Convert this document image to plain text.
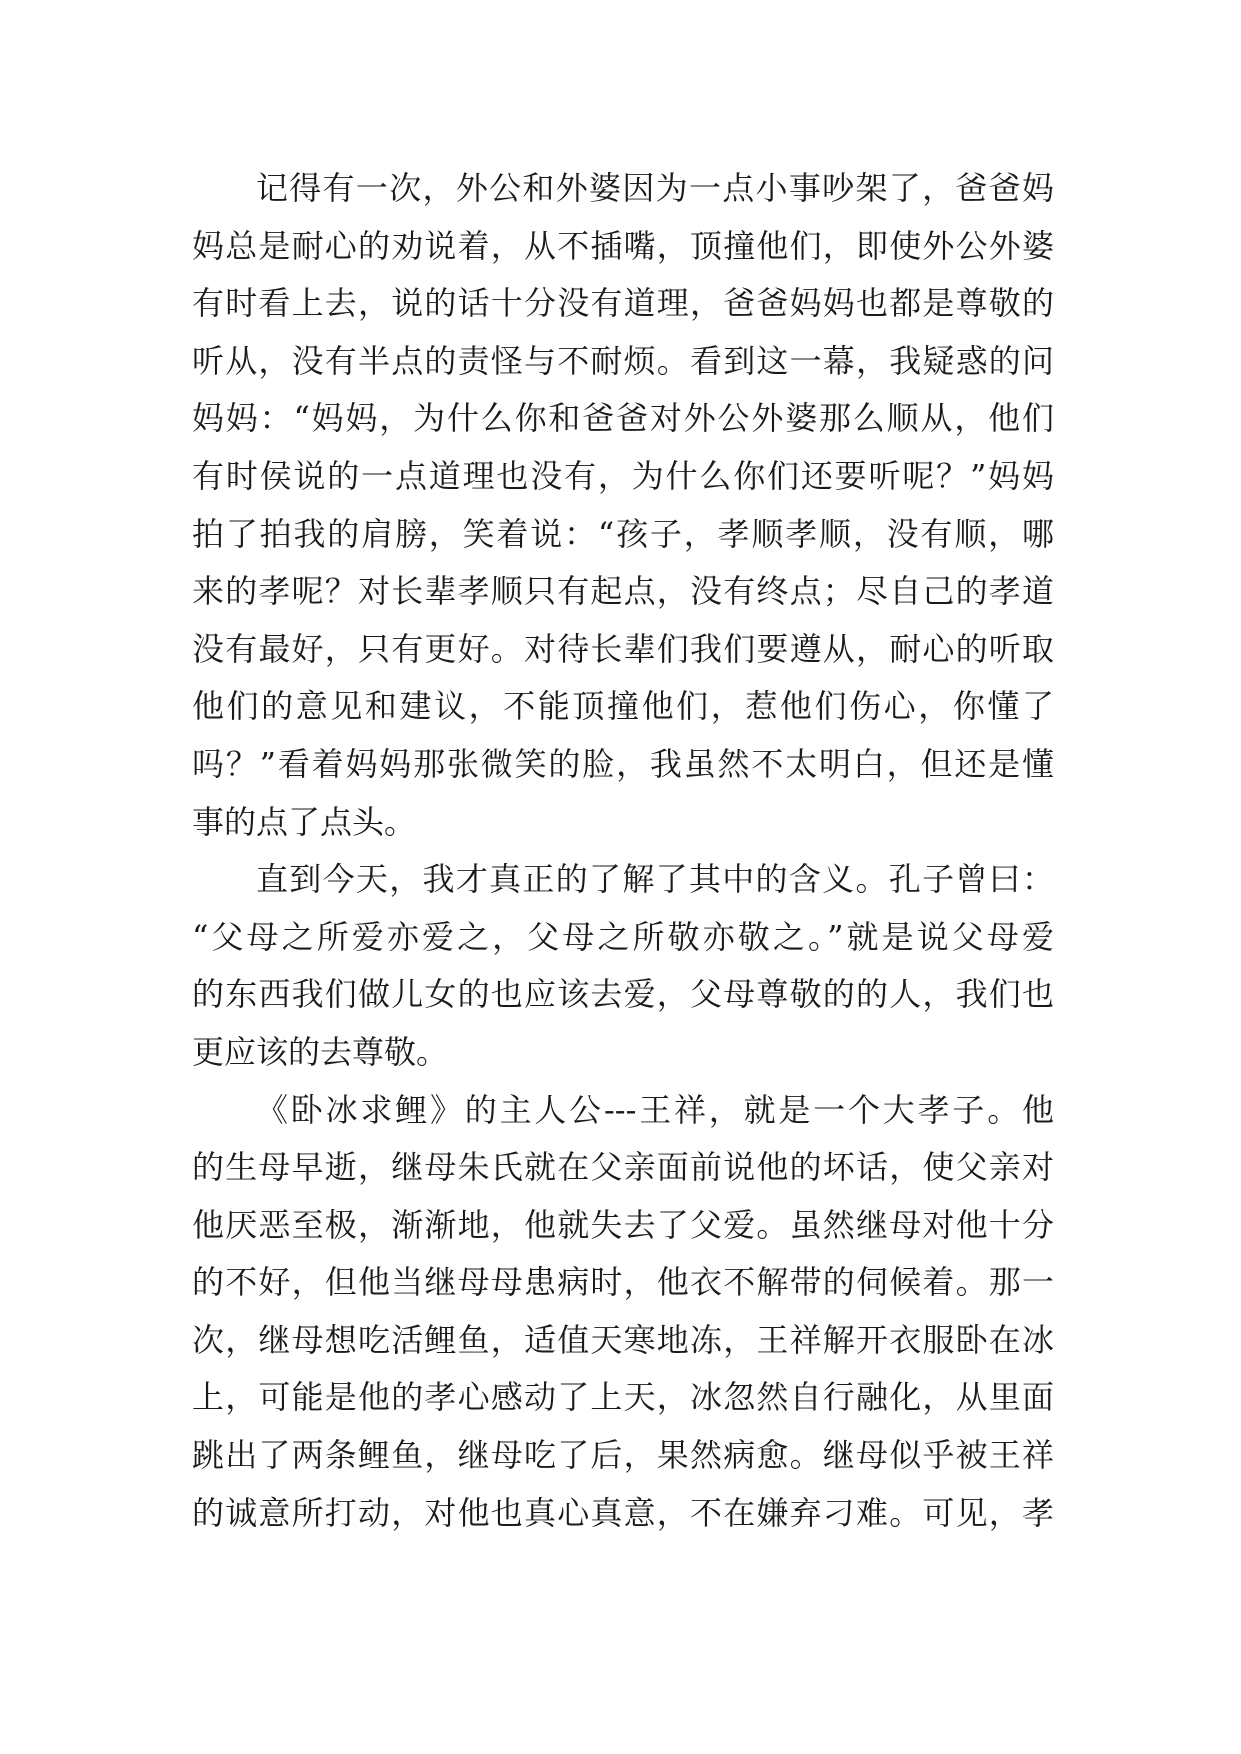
记得有一次，外公和外婆因为一点小事吵架了，爸爸妈
妈总是耐心的劝说着，从不插嘴，顶撞他们，即使外公外婆
有时看上去，说的话十分没有道理，爸爸妈妈也都是尊敬的
听从，没有半点的责怪与不耐烦。看到这一幕，我疑惑的问
妈妈：“妈妈，为什么你和爸爸对外公外婆那么顺从，他们
有时侯说的一点道理也没有，为什么你们还要听呢？”妈妈
拍了拍我的肩膀，笑着说：“孩子，孝顺孝顺，没有顺，哪
来的孝呢？对长辈孝顺只有起点，没有终点；尽自己的孝道
没有最好，只有更好。对待长辈们我们要遵从，耐心的听取
他们的意见和建议，不能顶撞他们，惹他们伤心，你懂了
吗？”看着妈妈那张微笑的脸，我虽然不太明白，但还是懂
事的点了点头。
直到今天，我才真正的了解了其中的含义。孔子曾曰：
“父母之所爱亦爱之，父母之所敬亦敬之。”就是说父母爱
的东西我们做儿女的也应该去爱，父母尊敬的的人，我们也
更应该的去尊敬。
《卧冰求鲤》的主人公---王祥，就是一个大孝子。他
的生母早逝，继母朱氏就在父亲面前说他的坏话，使父亲对
他厌恶至极，渐渐地，他就失去了父爱。虽然继母对他十分
的不好，但他当继母母患病时，他衣不解带的伺候着。那一
次，继母想吃活鲤鱼，适值天寒地冻，王祥解开衣服卧在冰
上，可能是他的孝心感动了上天，冰忽然自行融化，从里面
跳出了两条鲤鱼，继母吃了后，果然病愈。继母似乎被王祥
的诚意所打动，对他也真心真意，不在嫌弃刁难。可见，孝
